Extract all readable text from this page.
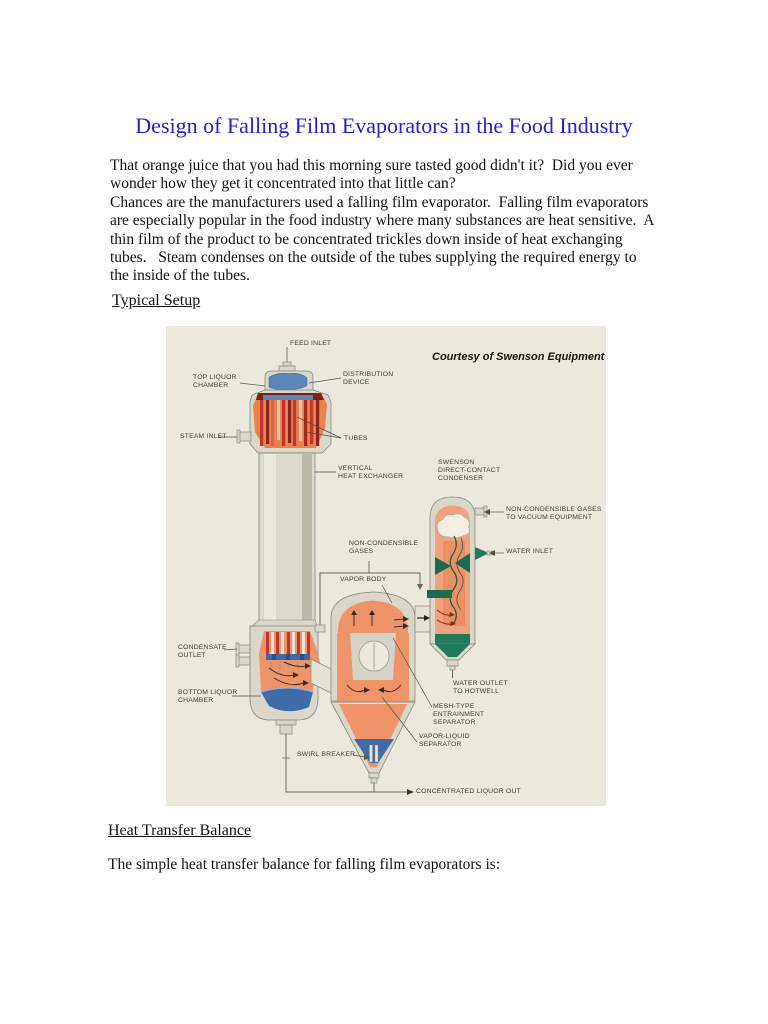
Design of Falling Film Evaporators in the Food Industry
That orange juice that you had this morning sure tasted good didn't it?  Did you ever
wonder how they get it concentrated into that little can?
Chances are the manufacturers used a falling film evaporator.  Falling film evaporators
are especially popular in the food industry where many substances are heat sensitive.  A
thin film of the product to be concentrated trickles down inside of heat exchanging
tubes.   Steam condenses on the outside of the tubes supplying the required energy to
the inside of the tubes.
Typical Setup
Courtesy of Swenson Equipment
FEED INLET
TOP LIQUOR
CHAMBER
DISTRIBUTION
DEVICE
STEAM INLET	TUBES
VERTICAL
HEAT EXCHANGER
SWENSON
DIRECT-CONTACT
CONDENSER
NON-CONDENSIBLE GASES
TO VACUUM EQUIPMENT
WATER INLET
NON-CONDENSIBLE
GASES
VAPOR BODY
CONDENSATE
OUTLET
BOTTOM LIQUOR
CHAMBER
WATER OUTLET
TO HOTWELL
MESH-TYPE
ENTRAINMENT
SEPARATOR
VAPOR-LIQUID
SEPARATOR
SWIRL BREAKER
CONCENTRATED LIQUOR OUT
Heat Transfer Balance
The simple heat transfer balance for falling film evaporators is:
